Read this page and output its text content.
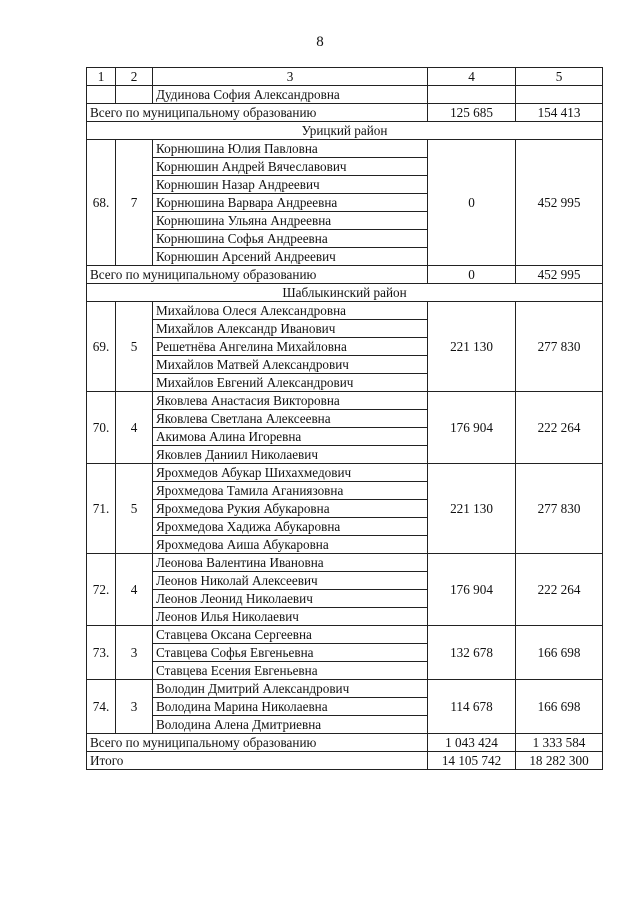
8
1	2	3	4	5
		Дудинова София Александровна		
Всего по муниципальному образованию			125 685	154 413
Урицкий район				
68.	7	Корнюшина Юлия Павловна	0	452 995
		Корнюшин Андрей Вячеславович		
		Корнюшин Назар Андреевич		
		Корнюшина Варвара Андреевна		
		Корнюшина Ульяна Андреевна		
		Корнюшина Софья Андреевна		
		Корнюшин Арсений Андреевич		
Всего по муниципальному образованию			0	452 995
Шаблыкинский район				
69.	5	Михайлова Олеся Александровна	221 130	277 830
		Михайлов Александр Иванович		
		Решетнёва Ангелина Михайловна		
		Михайлов Матвей Александрович		
		Михайлов Евгений Александрович		
70.	4	Яковлева Анастасия Викторовна	176 904	222 264
		Яковлева Светлана Алексеевна		
		Акимова Алина Игоревна		
		Яковлев Даниил Николаевич		
71.	5	Ярохмедов Абукар Шихахмедович	221 130	277 830
		Ярохмедова Тамила Аганиязовна		
		Ярохмедова Рукия Абукаровна		
		Ярохмедова Хадижа Абукаровна		
		Ярохмедова Аиша Абукаровна		
72.	4	Леонова Валентина Ивановна	176 904	222 264
		Леонов Николай Алексеевич		
		Леонов Леонид Николаевич		
		Леонов Илья Николаевич		
73.	3	Ставцева Оксана Сергеевна	132 678	166 698
		Ставцева Софья Евгеньевна		
		Ставцева Есения Евгеньевна		
74.	3	Володин Дмитрий Александрович	114 678	166 698
		Володина Марина Николаевна		
		Володина Алена Дмитриевна		
Всего по муниципальному образованию			1 043 424	1 333 584
Итого			14 105 742	18 282 300
